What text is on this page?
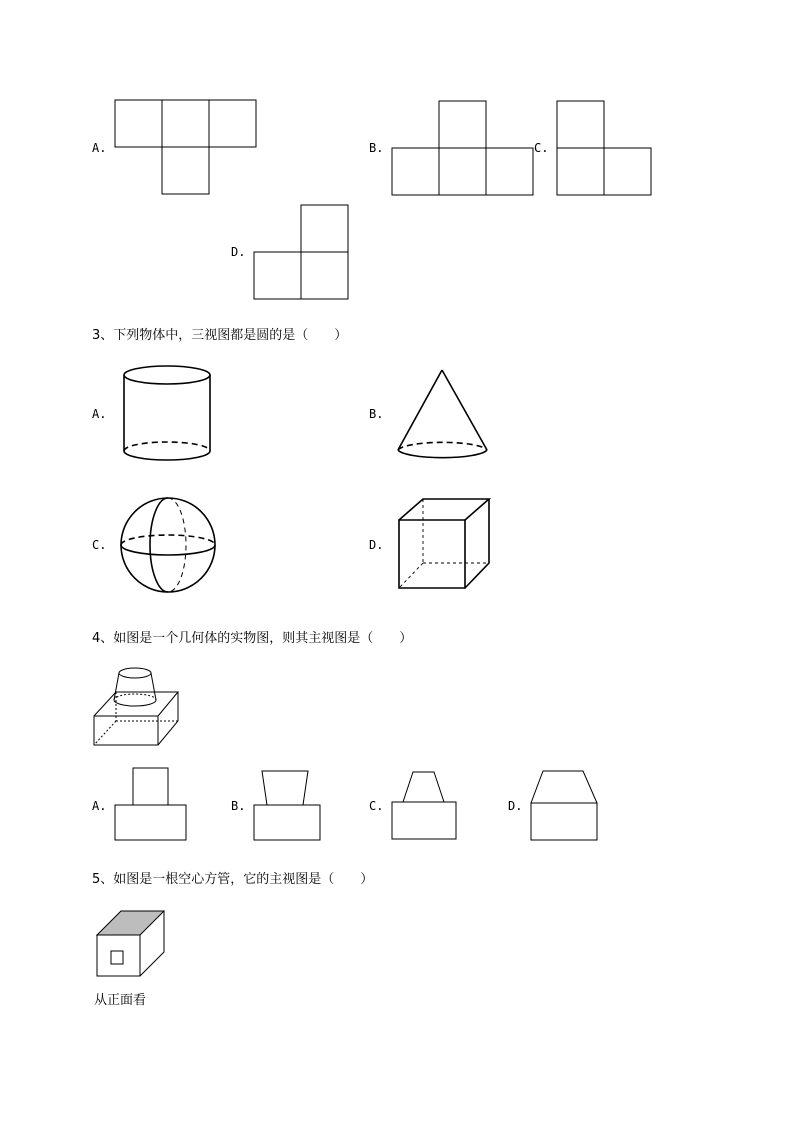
A.	B.	C.
D.
3、下列物体中，三视图都是圆的是（　　）
A.	B.
C.	D.
4、如图是一个几何体的实物图，则其主视图是（　　）
A.	B.	C.	D.
5、如图是一根空心方管，它的主视图是（　　）
从正面看
